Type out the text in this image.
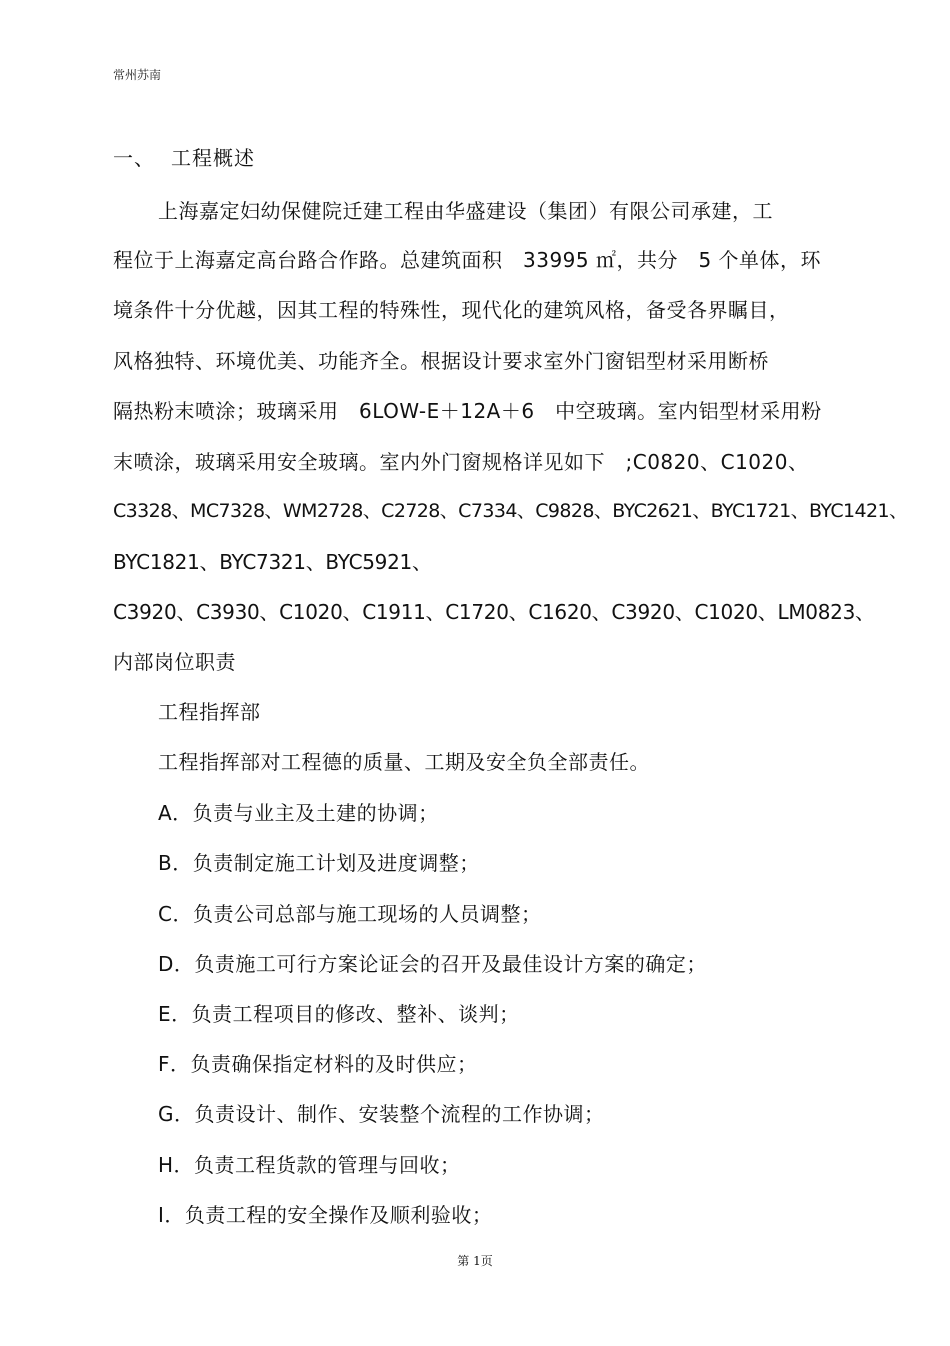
常州苏南
一、 工程概述
上海嘉定妇幼保健院迁建工程由华盛建设（集团）有限公司承建，工
程位于上海嘉定高台路合作路。总建筑面积　33995 ㎡，共分　5 个单体，环
境条件十分优越，因其工程的特殊性，现代化的建筑风格，备受各界瞩目，
风格独特、环境优美、功能齐全。根据设计要求室外门窗铝型材采用断桥
隔热粉末喷涂；玻璃采用　6LOW-E＋12A＋6　中空玻璃。室内铝型材采用粉
末喷涂，玻璃采用安全玻璃。室内外门窗规格详见如下　;C0820、C1020、
C3328、MC7328、WM2728、C2728、C7334、C9828、BYC2621、BYC1721、BYC1421、
BYC1821、BYC7321、BYC5921、
C3920、C3930、C1020、C1911、C1720、C1620、C3920、C1020、LM0823、
内部岗位职责
工程指挥部
工程指挥部对工程德的质量、工期及安全负全部责任。
A．负责与业主及土建的协调；
B．负责制定施工计划及进度调整；
C．负责公司总部与施工现场的人员调整；
D．负责施工可行方案论证会的召开及最佳设计方案的确定；
E．负责工程项目的修改、整补、谈判；
F．负责确保指定材料的及时供应；
G．负责设计、制作、安装整个流程的工作协调；
H．负责工程货款的管理与回收；
I．负责工程的安全操作及顺利验收；
第 1页
